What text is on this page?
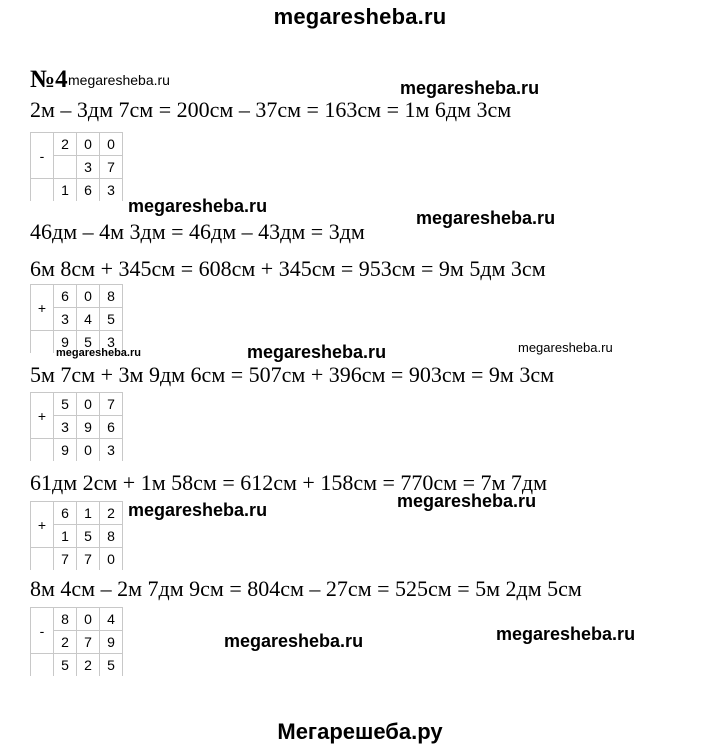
megaresheba.ru
№4 megaresheba.ru	megaresheba.ru
2м – 3дм 7см = 200см – 37см = 163см = 1м 6дм 3см
-	2	0	0
		3	7
	1	6	3
megaresheba.ru
megaresheba.ru
46дм – 4м 3дм = 46дм – 43дм = 3дм
6м 8см + 345см = 608см + 345см = 953см = 9м 5дм 3см
+	6	0	8
	3	4	5
	9	5	3
megaresheba.ru	megaresheba.ru	megaresheba.ru
5м 7см + 3м 9дм 6см = 507см + 396см = 903см = 9м 3см
+	5	0	7
	3	9	6
	9	0	3
61дм 2см + 1м 58см = 612см + 158см = 770см = 7м 7дм
+	6	1	2
	1	5	8
	7	7	0
megaresheba.ru	megaresheba.ru
8м 4см – 2м 7дм 9см = 804см – 27см = 525см = 5м 2дм 5см
-	8	0	4
	2	7	9
	5	2	5
megaresheba.ru	megaresheba.ru
Мегарешеба.ру
